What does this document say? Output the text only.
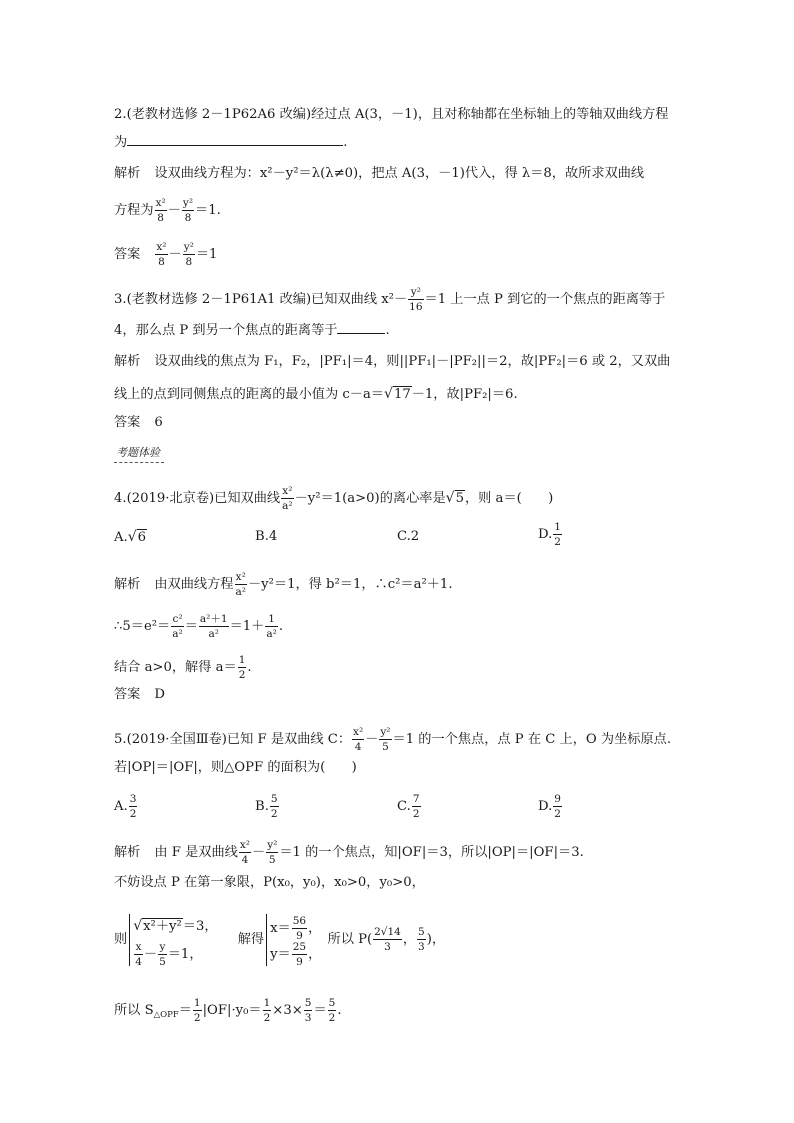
2.(老教材选修 2－1P62A6 改编)经过点 A(3，－1)，且对称轴都在坐标轴上的等轴双曲线方程
为	.
解析 设双曲线方程为：x²－y²＝λ(λ≠0)，把点 A(3，－1)代入，得 λ＝8，故所求双曲线
方程为 $\frac{\text{x²}}{8} - \frac{\text{y²}}{8} =1$.
答案 $\frac{\text{x²}}{8} - \frac{\text{y²}}{8} =1$
3.(老教材选修 2－1P61A1 改编)已知双曲线 $x^2- \frac{\text{y²}}{16} =1$ 上一点 P 到它的一个焦点的距离等于
4，那么点 P 到另一个焦点的距离等于	.
解析 设双曲线的焦点为 F₁，F₂，|PF₁|＝4，则||PF₁|－|PF₂||＝2，故|PF₂|＝6 或 2，又双曲
线上的点到同侧焦点的距离的最小值为 c－a＝√17－1，故|PF₂|＝6.
答案 6
考题体验
4.(2019·北京卷)已知双曲线 $\frac{\text{x²}}{\text{a²}} -y^2=1(a>0)$的离心率是√5，则 a＝(　　)
A.√6	B.4	C.2	D. $\frac{1}{2}$
解析 由双曲线方程 $\frac{\text{x²}}{\text{a²}} -y^2=1$，得 b²＝1，∴c²＝a²＋1.
∴5＝e²＝ $\frac{\text{c²}}{\text{a²}} = \frac{\text{a²＋1}}{\text{a²}} =1+ \frac{1}{\text{a²}}$ .
结合 a>0，解得 $a= \frac{1}{2}$ .
答案 D
5.(2019·全国Ⅲ卷)已知 F 是双曲线 C： $\frac{\text{x²}}{4} - \frac{\text{y²}}{5} =1$ 的一个焦点，点 P 在 C 上，O 为坐标原点.
若|OP|＝|OF|，则△OPF 的面积为(　　)
A. $\frac{3}{2}$	B. $\frac{5}{2}$	C. $\frac{7}{2}$	D. $\frac{9}{2}$
解析 由 F 是双曲线 $\frac{\text{x²}}{4} - \frac{\text{y²}}{5} =1$ 的一个焦点，知|OF|＝3，所以|OP|＝|OF|＝3.
不妨设点 P 在第一象限，P(x₀，y₀)，x₀>0，y₀>0，
则
√x²＋y²＝3，
$\frac{x}{4} - \frac{y}{5} =1$，
解得
$x= \frac{56}{9}$ ，
$y= \frac{25}{9}$ ，
所以 $P( \frac{2√14}{3}$ ， $\frac{5}{3}$ )，
所以 $S_{\triangle OPF}= \frac{1}{2} |OF|\cdot y_0= \frac{1}{2} \times 3\times \frac{5}{3} = \frac{5}{2}$ .
